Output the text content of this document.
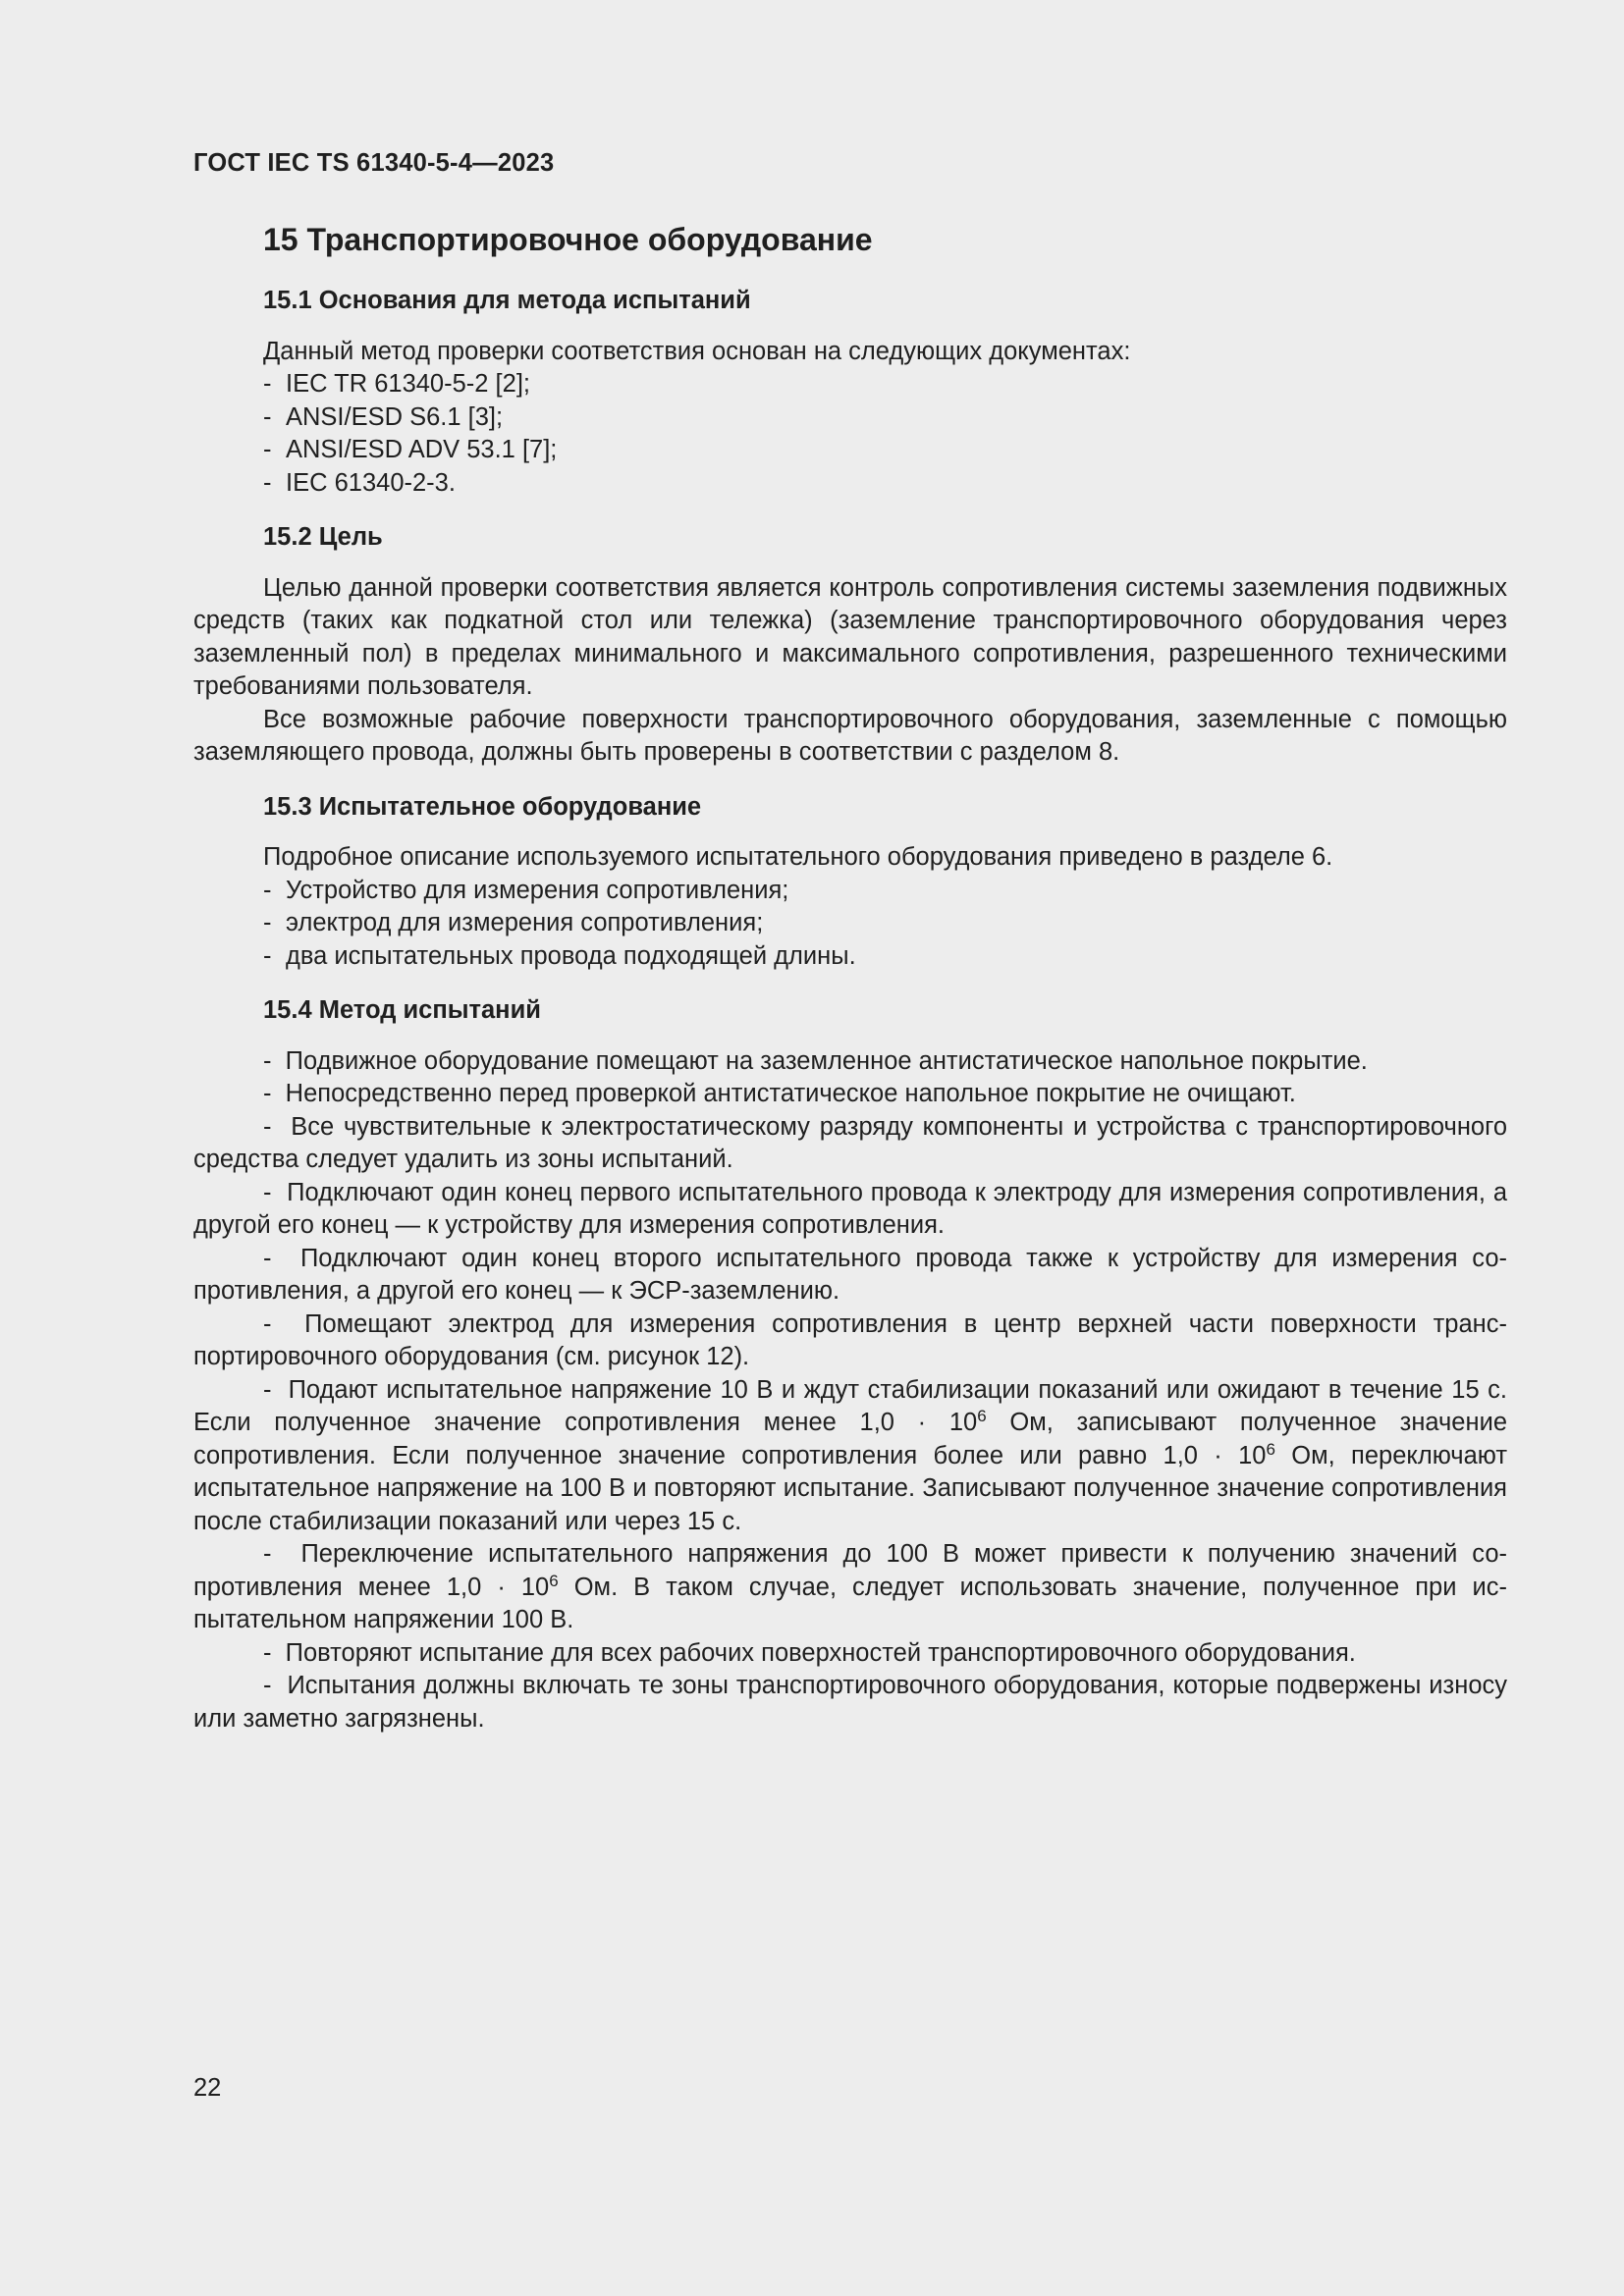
ГОСТ IEC TS 61340-5-4—2023
15 Транспортировочное оборудование
15.1 Основания для метода испытаний
Данный метод проверки соответствия основан на следующих документах:
- IEC TR 61340-5-2 [2];
- ANSI/ESD S6.1 [3];
- ANSI/ESD ADV 53.1 [7];
- IEC 61340-2-3.
15.2 Цель

Целью данной проверки соответствия является контроль сопротивления системы заземления подвижных средств (таких как подкатной стол или тележка) (заземление транспортировочного оборудования через заземленный пол) в пределах минимального и максимального сопротивления, разрешенного техническими требованиями пользователя.

Все возможные рабочие поверхности транспортировочного оборудования, заземленные с помощью заземляющего провода, должны быть проверены в соответствии с разделом 8.

15.3 Испытательное оборудование
Подробное описание используемого испытательного оборудования приведено в разделе 6.
- Устройство для измерения сопротивления;
- электрод для измерения сопротивления;
- два испытательных провода подходящей длины.
15.4 Метод испытаний

- Подвижное оборудование помещают на заземленное антистатическое напольное покрытие.

- Непосредственно перед проверкой антистатическое напольное покрытие не очищают.

- Все чувствительные к электростатическому разряду компоненты и устройства с транспортировочного средства следует удалить из зоны испытаний.

- Подключают один конец первого испытательного провода к электроду для измерения сопротивления, а другой его конец — к устройству для измерения сопротивления.

- Подключают один конец второго испытательного провода также к устройству для измерения сопротивления, а другой его конец — к ЭСР-заземлению.

- Помещают электрод для измерения сопротивления в центр верхней части поверхности транспортировочного оборудования (см. рисунок 12).

- Подают испытательное напряжение 10 В и ждут стабилизации показаний или ожидают в течение 15 с. Если полученное значение сопротивления менее $1,0 \cdot 10^6$ Ом, записывают полученное значение сопротивления. Если полученное значение сопротивления более или равно $1,0 \cdot 10^6$ Ом, переключают испытательное напряжение на 100 В и повторяют испытание. Записывают полученное значение сопротивления после стабилизации показаний или через 15 с.

- Переключение испытательного напряжения до 100 В может привести к получению значений сопротивления менее $1,0 \cdot 10^6$ Ом. В таком случае, следует использовать значение, полученное при испытательном напряжении 100 В.

- Повторяют испытание для всех рабочих поверхностей транспортировочного оборудования.

- Испытания должны включать те зоны транспортировочного оборудования, которые подвержены износу или заметно загрязнены.

22
